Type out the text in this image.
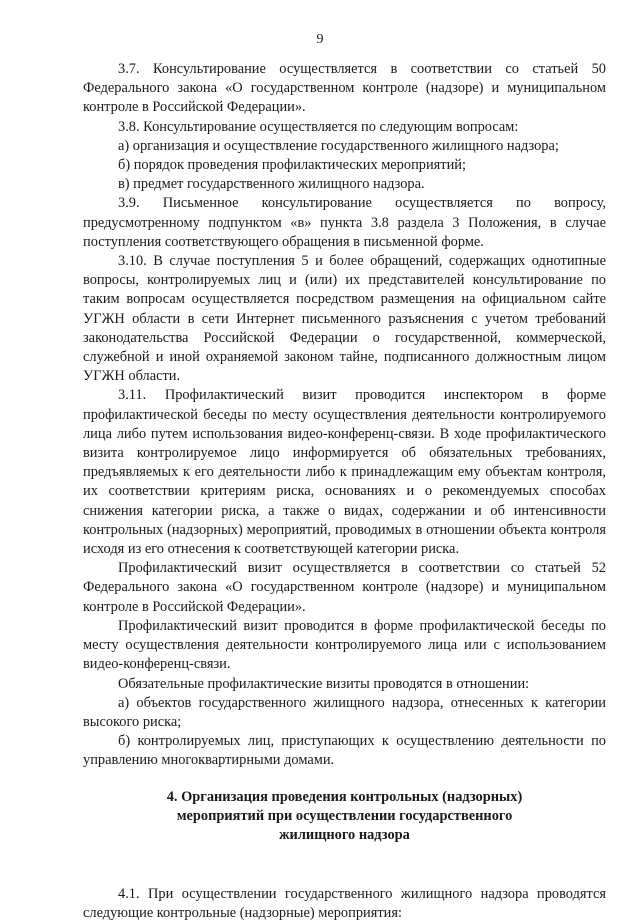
9

3.7. Консультирование осуществляется в соответствии со статьей 50 Федерального закона «О государственном контроле (надзоре) и муниципальном контроле в Российской Федерации».

3.8. Консультирование осуществляется по следующим вопросам:

а) организация и осуществление государственного жилищного надзора;

б) порядок проведения профилактических мероприятий;

в) предмет государственного жилищного надзора.

3.9. Письменное консультирование осуществляется по вопросу, предусмотренному подпунктом «в» пункта 3.8 раздела 3 Положения, в случае поступления соответствующего обращения в письменной форме.

3.10. В случае поступления 5 и более обращений, содержащих однотипные вопросы, контролируемых лиц и (или) их представителей консультирование по таким вопросам осуществляется посредством размещения на официальном сайте УГЖН области в сети Интернет письменного разъяснения с учетом требований законодательства Российской Федерации о государственной, коммерческой, служебной и иной охраняемой законом тайне, подписанного должностным лицом УГЖН области.

3.11. Профилактический визит проводится инспектором в форме профилактической беседы по месту осуществления деятельности контролируемого лица либо путем использования видео-конференц-связи. В ходе профилактического визита контролируемое лицо информируется об обязательных требованиях, предъявляемых к его деятельности либо к принадлежащим ему объектам контроля, их соответствии критериям риска, основаниях и о рекомендуемых способах снижения категории риска, а также о видах, содержании и об интенсивности контрольных (надзорных) мероприятий, проводимых в отношении объекта контроля исходя из его отнесения к соответствующей категории риска.

Профилактический визит осуществляется в соответствии со статьей 52 Федерального закона «О государственном контроле (надзоре) и муниципальном контроле в Российской Федерации».

Профилактический визит проводится в форме профилактической беседы по месту осуществления деятельности контролируемого лица или с использованием видео-конференц-связи.

Обязательные профилактические визиты проводятся в отношении:

а) объектов государственного жилищного надзора, отнесенных к категории высокого риска;

б) контролируемых лиц, приступающих к осуществлению деятельности по управлению многоквартирными домами.

4. Организация проведения контрольных (надзорных)
мероприятий при осуществлении государственного
жилищного надзора

4.1. При осуществлении государственного жилищного надзора проводятся следующие контрольные (надзорные) мероприятия:
